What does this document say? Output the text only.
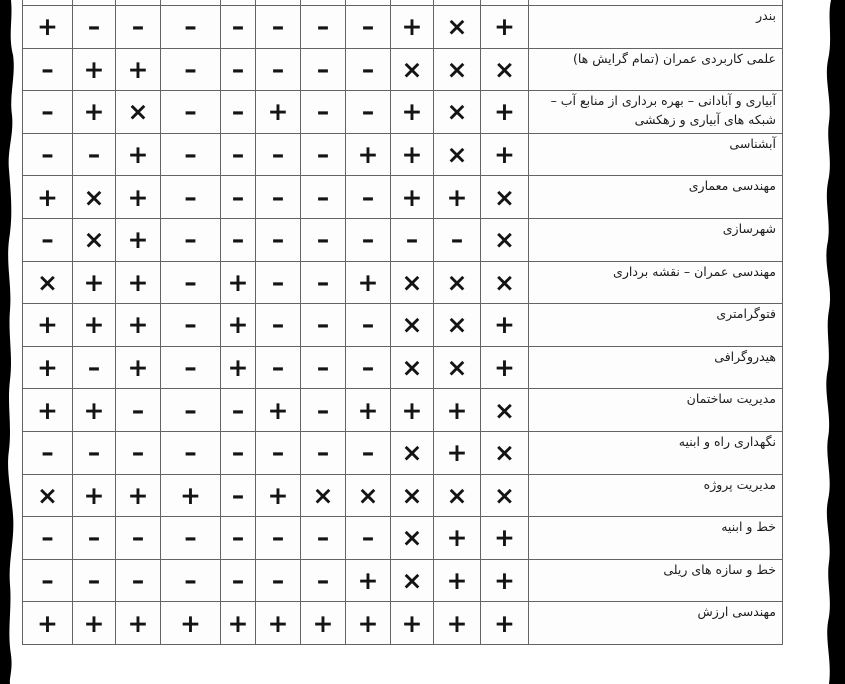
+	–	–	–	–	–	–	–	+	×	+	بندر
–	+	+	–	–	–	–	–	×	×	×	علمی کاربردی عمران (تمام گرایش ها)
–	+	×	–	–	+	–	–	+	×	+	آبیاری و آبادانی – بهره برداری از منابع آب – شبکه های آبیاری و زهکشی
–	–	+	–	–	–	–	+	+	×	+	آبشناسی
+	×	+	–	–	–	–	–	+	+	×	مهندسی معماری
–	×	+	–	–	–	–	–	–	–	×	شهرسازی
×	+	+	–	+	–	–	+	×	×	×	مهندسی عمران – نقشه برداری
+	+	+	–	+	–	–	–	×	×	+	فتوگرامتری
+	–	+	–	+	–	–	–	×	×	+	هیدروگرافی
+	+	–	–	–	+	–	+	+	+	×	مدیریت ساختمان
–	–	–	–	–	–	–	–	×	+	×	نگهداری راه و ابنیه
×	+	+	+	–	+	×	×	×	×	×	مدیریت پروژه
–	–	–	–	–	–	–	–	×	+	+	خط و ابنیه
–	–	–	–	–	–	–	+	×	+	+	خط و سازه های ریلی
+	+	+	+	+	+	+	+	+	+	+	مهندسی ارزش
